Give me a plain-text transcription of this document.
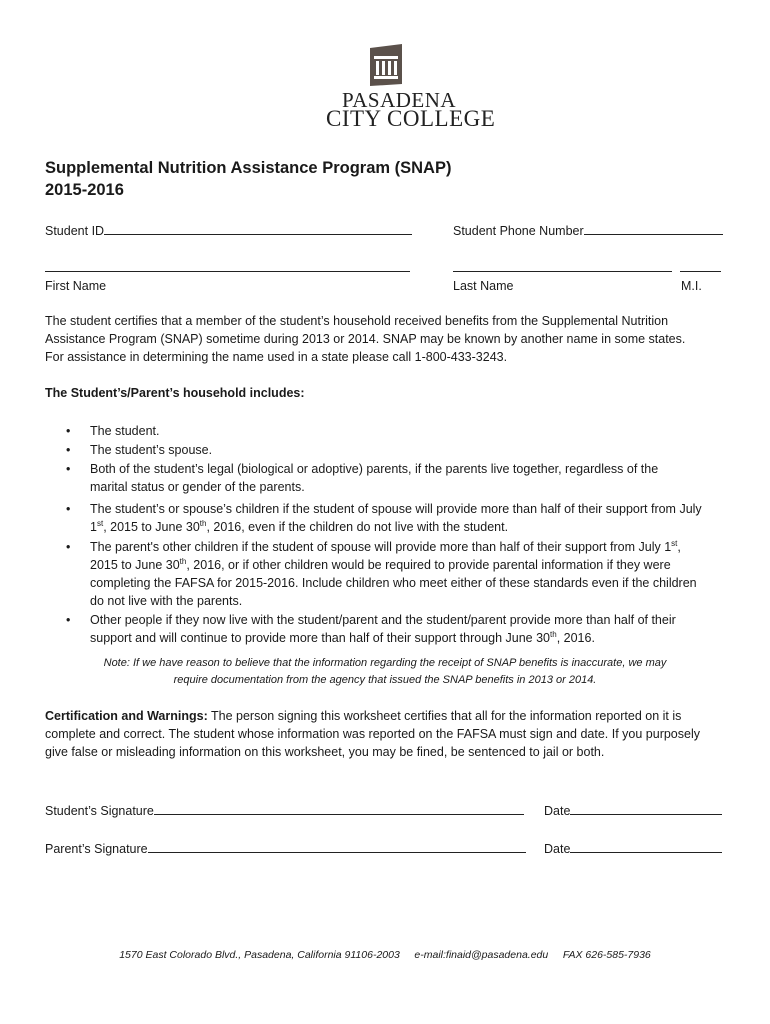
PASADENA
CITY COLLEGE
Supplemental Nutrition Assistance Program (SNAP)
2015-2016
Student ID	Student Phone Number
First Name	Last Name	M.I.
The student certifies that a member of the student’s household received benefits from the Supplemental Nutrition
Assistance Program (SNAP) sometime during 2013 or 2014. SNAP may be known by another name in some states.
For assistance in determining the name used in a state please call 1-800-433-3243.
The Student’s/Parent’s household includes:
• The student.
• The student’s spouse.
• Both of the student’s legal (biological or adoptive) parents, if the parents live together, regardless of the
marital status or gender of the parents.
• The student’s or spouse’s children if the student of spouse will provide more than half of their support from July
1st, 2015 to June 30th, 2016, even if the children do not live with the student.
• The parent's other children if the student of spouse will provide more than half of their support from July 1st,
2015 to June 30th, 2016, or if other children would be required to provide parental information if they were
completing the FAFSA for 2015-2016. Include children who meet either of these standards even if the children
do not live with the parents.
• Other people if they now live with the student/parent and the student/parent provide more than half of their
support and will continue to provide more than half of their support through June 30th, 2016.
Note: If we have reason to believe that the information regarding the receipt of SNAP benefits is inaccurate, we may
require documentation from the agency that issued the SNAP benefits in 2013 or 2014.
Certification and Warnings: The person signing this worksheet certifies that all for the information reported on it is
complete and correct. The student whose information was reported on the FAFSA must sign and date. If you purposely
give false or misleading information on this worksheet, you may be fined, be sentenced to jail or both.
Student’s Signature	Date
Parent’s Signature	Date
1570 East Colorado Blvd., Pasadena, California 91106-2003 e-mail:finaid@pasadena.edu FAX 626-585-7936
